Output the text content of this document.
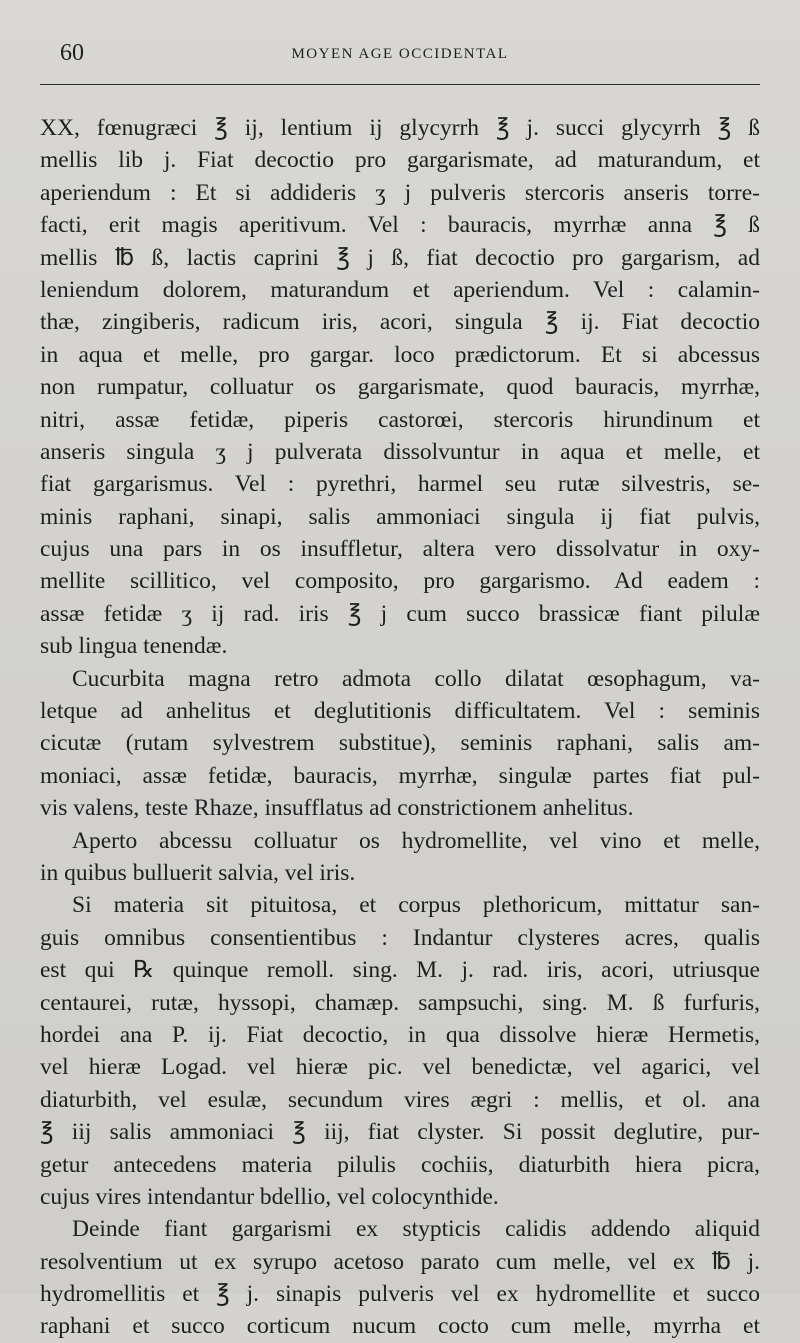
60	MOYEN AGE OCCIDENTAL
XX, fœnugræci ℥ ij, lentium ij glycyrrh ℥ j. succi glycyrrh ℥ ß
mellis lib j. Fiat decoctio pro gargarismate, ad maturandum, et
aperiendum : Et si addideris ʒ j pulveris stercoris anseris torre-
facti, erit magis aperitivum. Vel : bauracis, myrrhæ anna ℥ ß
mellis ℔ ß, lactis caprini ℥ j ß, fiat decoctio pro gargarism, ad
leniendum dolorem, maturandum et aperiendum. Vel : calamin-
thæ, zingiberis, radicum iris, acori, singula ℥ ij. Fiat decoctio
in aqua et melle, pro gargar. loco prædictorum. Et si abcessus
non rumpatur, colluatur os gargarismate, quod bauracis, myrrhæ,
nitri, assæ fetidæ, piperis castorœi, stercoris hirundinum et
anseris singula ʒ j pulverata dissolvuntur in aqua et melle, et
fiat gargarismus. Vel : pyrethri, harmel seu rutæ silvestris, se-
minis raphani, sinapi, salis ammoniaci singula ij fiat pulvis,
cujus una pars in os insuffletur, altera vero dissolvatur in oxy-
mellite scillitico, vel composito, pro gargarismo. Ad eadem :
assæ fetidæ ʒ ij rad. iris ℥ j cum succo brassicæ fiant pilulæ
sub lingua tenendæ.
Cucurbita magna retro admota collo dilatat œsophagum, va-
letque ad anhelitus et deglutitionis difficultatem. Vel : seminis
cicutæ (rutam sylvestrem substitue), seminis raphani, salis am-
moniaci, assæ fetidæ, bauracis, myrrhæ, singulæ partes fiat pul-
vis valens, teste Rhaze, insufflatus ad constrictionem anhelitus.
Aperto abcessu colluatur os hydromellite, vel vino et melle,
in quibus bulluerit salvia, vel iris.
Si materia sit pituitosa, et corpus plethoricum, mittatur san-
guis omnibus consentientibus : Indantur clysteres acres, qualis
est qui ℞ quinque remoll. sing. M. j. rad. iris, acori, utriusque
centaurei, rutæ, hyssopi, chamæp. sampsuchi, sing. M. ß furfuris,
hordei ana P. ij. Fiat decoctio, in qua dissolve hieræ Hermetis,
vel hieræ Logad. vel hieræ pic. vel benedictæ, vel agarici, vel
diaturbith, vel esulæ, secundum vires ægri : mellis, et ol. ana
℥ iij salis ammoniaci ℥ iij, fiat clyster. Si possit deglutire, pur-
getur antecedens materia pilulis cochiis, diaturbith hiera picra,
cujus vires intendantur bdellio, vel colocynthide.
Deinde fiant gargarismi ex stypticis calidis addendo aliquid
resolventium ut ex syrupo acetoso parato cum melle, vel ex ℔ j.
hydromellitis et ℥ j. sinapis pulveris vel ex hydromellite et succo
raphani et succo corticum nucum cocto cum melle, myrrha et
